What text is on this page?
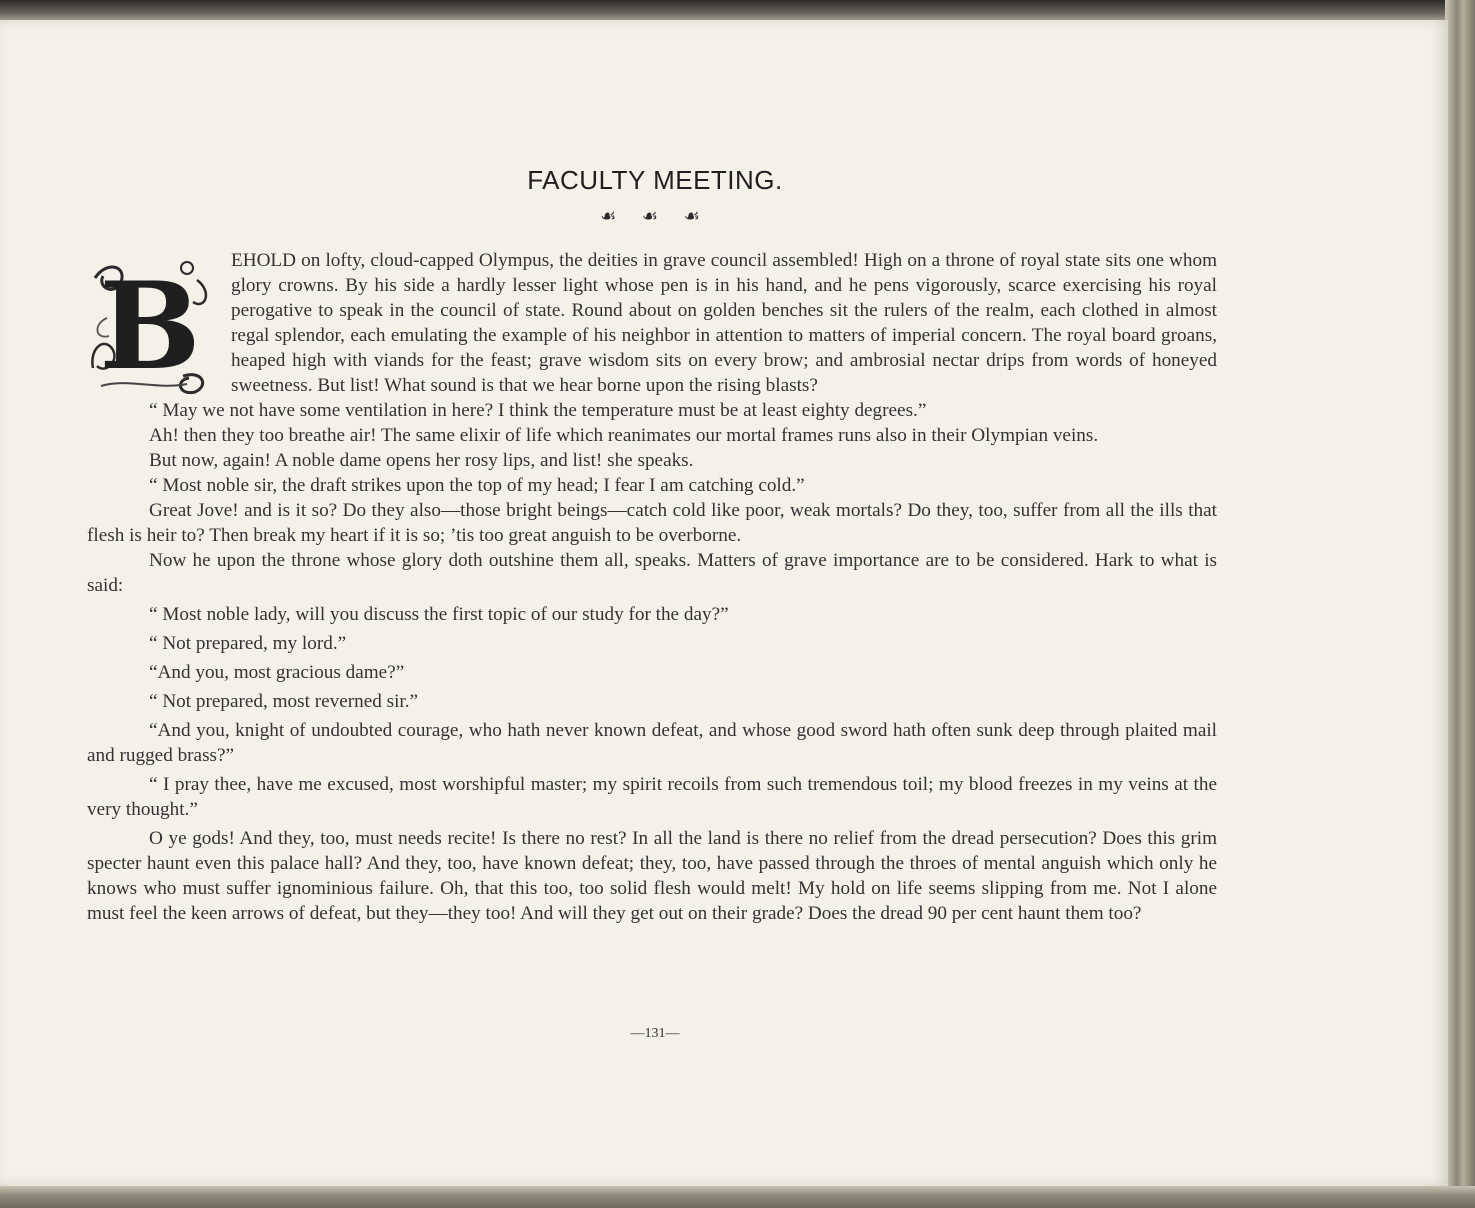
FACULTY MEETING.
☙ ☙ ☙
B	EHOLD on lofty, cloud-capped Olympus, the deities in grave council assembled! High on a throne of royal state sits one whom glory crowns. By his side a hardly lesser light whose pen is in his hand, and he pens vigorously, scarce exercising his royal perogative to speak in the council of state. Round about on golden benches sit the rulers of the realm, each clothed in almost regal splendor, each emulating the example of his neighbor in attention to matters of imperial concern. The royal board groans, heaped high with viands for the feast; grave wisdom sits on every brow; and ambrosial nectar drips from words of honeyed sweetness. But list! What sound is that we hear borne upon the rising blasts?

“ May we not have some ventilation in here? I think the temperature must be at least eighty degrees.”

Ah! then they too breathe air! The same elixir of life which reanimates our mortal frames runs also in their Olympian veins.

But now, again! A noble dame opens her rosy lips, and list! she speaks.

“ Most noble sir, the draft strikes upon the top of my head; I fear I am catching cold.”

Great Jove! and is it so? Do they also—those bright beings—catch cold like poor, weak mortals? Do they, too, suffer from all the ills that flesh is heir to? Then break my heart if it is so; ’tis too great anguish to be overborne.

Now he upon the throne whose glory doth outshine them all, speaks. Matters of grave importance are to be considered. Hark to what is said:

“ Most noble lady, will you discuss the first topic of our study for the day?”

“ Not prepared, my lord.”

“And you, most gracious dame?”

“ Not prepared, most reverned sir.”

“And you, knight of undoubted courage, who hath never known defeat, and whose good sword hath often sunk deep through plaited mail and rugged brass?”

“ I pray thee, have me excused, most worshipful master; my spirit recoils from such tremendous toil; my blood freezes in my veins at the very thought.”

O ye gods! And they, too, must needs recite! Is there no rest? In all the land is there no relief from the dread persecution? Does this grim specter haunt even this palace hall? And they, too, have known defeat; they, too, have passed through the throes of mental anguish which only he knows who must suffer ignominious failure. Oh, that this too, too solid flesh would melt! My hold on life seems slipping from me. Not I alone must feel the keen arrows of defeat, but they—they too! And will they get out on their grade? Does the dread 90 per cent haunt them too?

—131—
